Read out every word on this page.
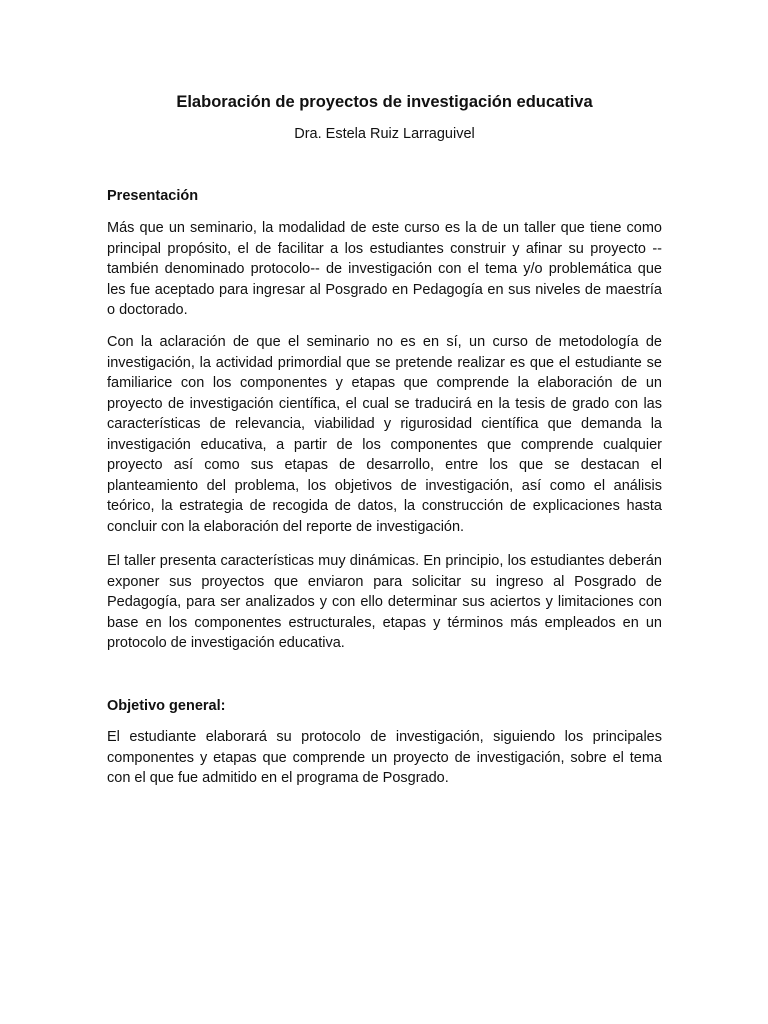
Elaboración de proyectos de investigación educativa

Dra. Estela Ruiz Larraguivel

Presentación

Más que un seminario, la modalidad de este curso es la de un taller que tiene como principal propósito, el de facilitar a los estudiantes construir y afinar su proyecto -- también denominado protocolo-- de investigación con el tema y/o problemática que les fue aceptado para ingresar al Posgrado en Pedagogía en sus niveles de maestría o doctorado.

Con la aclaración de que el seminario no es en sí, un curso de metodología de investigación, la actividad primordial que se pretende realizar es que el estudiante se familiarice con los componentes y etapas que comprende la elaboración de un proyecto de investigación científica, el cual se traducirá en la tesis de grado con las características de relevancia, viabilidad y rigurosidad científica que demanda la investigación educativa, a partir de los componentes que comprende cualquier proyecto así como sus etapas de desarrollo, entre los que se destacan el planteamiento del problema, los objetivos de investigación, así como el análisis teórico, la estrategia de recogida de datos, la construcción de explicaciones hasta concluir con la elaboración del reporte de investigación.

El taller presenta características muy dinámicas. En principio, los estudiantes deberán exponer sus proyectos que enviaron para solicitar su ingreso al Posgrado de Pedagogía, para ser analizados y con ello determinar sus aciertos y limitaciones con base en los componentes estructurales, etapas y términos más empleados en un protocolo de investigación educativa.

Objetivo general:

El estudiante elaborará su protocolo de investigación, siguiendo los principales componentes y etapas que comprende un proyecto de investigación, sobre el tema con el que fue admitido en el programa de Posgrado.
